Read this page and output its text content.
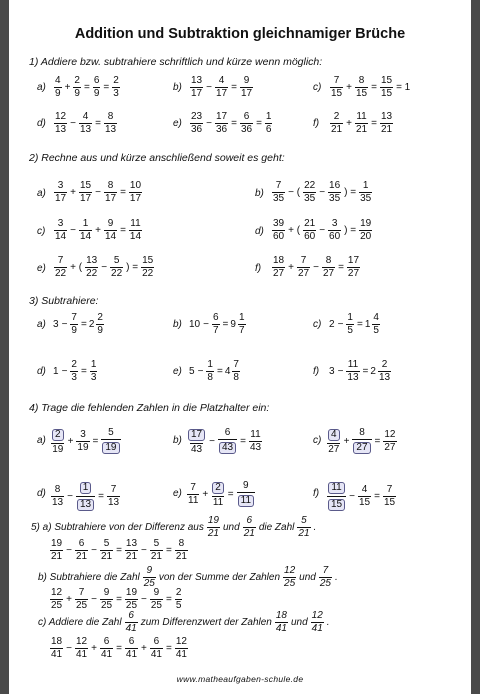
Addition und Subtraktion gleichnamiger Brüche
1) Addiere bzw. subtrahiere schriftlich und kürze wenn möglich:
$a) \frac{4}{9} + \frac{2}{9} = \frac{6}{9} = \frac{2}{3}$	$b) \frac{13}{17} - \frac{4}{17} = \frac{9}{17}$	$c) \frac{7}{15} + \frac{8}{15} = \frac{15}{15} = 1$
$d) \frac{12}{13} - \frac{4}{13} = \frac{8}{13}$	$e) \frac{23}{36} - \frac{17}{36} = \frac{6}{36} = \frac{1}{6}$	$f) \frac{2}{21} + \frac{11}{21} = \frac{13}{21}$
2) Rechne aus und kürze anschließend soweit es geht:
$a) \frac{3}{17} + \frac{15}{17} - \frac{8}{17} = \frac{10}{17}$	$b) \frac{7}{35}$ − ( $\frac{22}{35} - \frac{16}{35}$ ) = $\frac{1}{35}$
$c) \frac{3}{14} - \frac{1}{14} + \frac{9}{14} = \frac{11}{14}$	$d) \frac{39}{60}$ + ( $\frac{21}{60} - \frac{3}{60}$ ) = $\frac{19}{20}$
$e) \frac{7}{22}$ + ( $\frac{13}{22} - \frac{5}{22}$ ) = $\frac{15}{22}$	$f) \frac{18}{27} + \frac{7}{27} - \frac{8}{27} = \frac{17}{27}$
3) Subtrahiere:
a) $3 - \frac{7}{9} = 2 \frac{2}{9}$	b) $10 - \frac{6}{7} = 9 \frac{1}{7}$	c) $2 - \frac{1}{5} = 1 \frac{4}{5}$
d) $1 - \frac{2}{3} = \frac{1}{3}$	e) $5 - \frac{1}{8} = 4 \frac{7}{8}$	f) $3 - \frac{11}{13} = 2 \frac{2}{13}$
4) Trage die fehlenden Zahlen in die Platzhalter ein:
$a) \frac{2}{19} + \frac{3}{19} = \frac{5}{19}$	$b) \frac{17}{43} - \frac{6}{43} = \frac{11}{43}$	$c) \frac{4}{27} + \frac{8}{27} = \frac{12}{27}$
$d) \frac{8}{13} - \frac{1}{13} = \frac{7}{13}$	$e) \frac{7}{11} + \frac{2}{11} = \frac{9}{11}$	$f) \frac{11}{15} - \frac{4}{15} = \frac{7}{15}$
5) a) Subtrahiere von der Differenz aus $\frac{19}{21}$ und $\frac{6}{21}$ die Zahl $\frac{5}{21}$ .
$\frac{19}{21} - \frac{6}{21} - \frac{5}{21} = \frac{13}{21} - \frac{5}{21} = \frac{8}{21}$
b) Subtrahiere die Zahl $\frac{9}{25}$ von der Summe der Zahlen $\frac{12}{25}$ und $\frac{7}{25}$ .
$\frac{12}{25} + \frac{7}{25} - \frac{9}{25} = \frac{19}{25} - \frac{9}{25} = \frac{2}{5}$
c) Addiere die Zahl $\frac{6}{41}$ zum Differenzwert der Zahlen $\frac{18}{41}$ und $\frac{12}{41}$ .
$\frac{18}{41} - \frac{12}{41} + \frac{6}{41} = \frac{6}{41} + \frac{6}{41} = \frac{12}{41}$
www.matheaufgaben-schule.de
